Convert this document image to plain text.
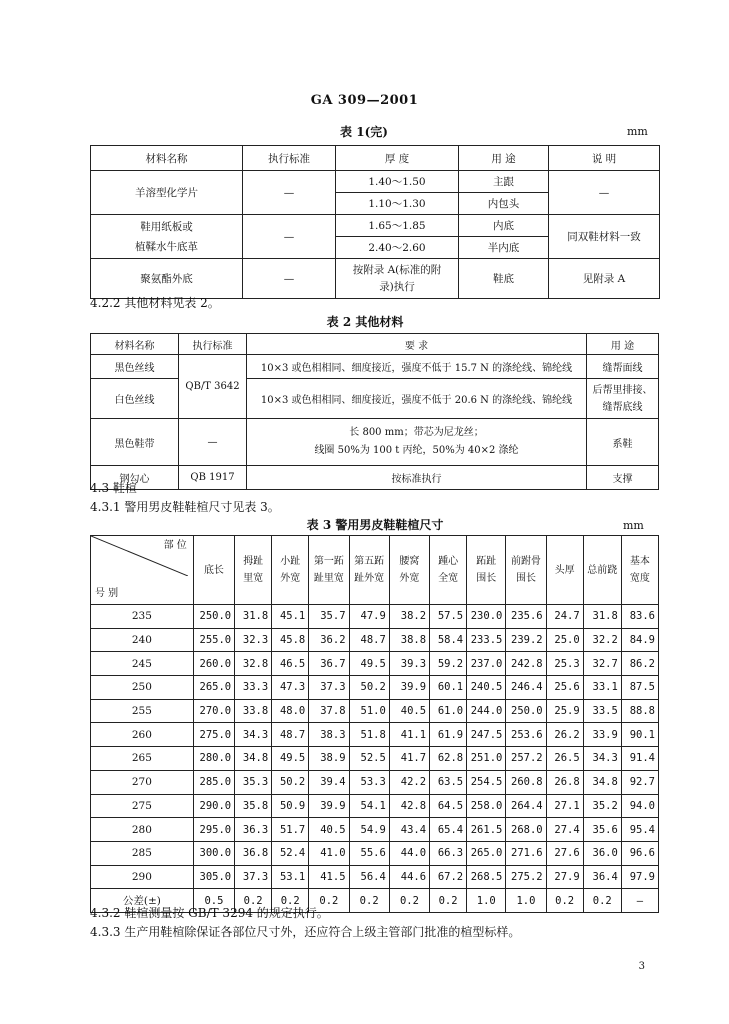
GA 309—2001
表 1(完)	mm
材料名称	执行标准	厚 度	用 途	说 明
羊溶型化学片	—	1.40～1.50	主跟	—
		1.10～1.30	内包头	
鞋用纸板或
植鞣水牛底革	—	1.65～1.85	内底	同双鞋材料一致
		2.40～2.60	半内底	
聚氨酯外底	—	按附录 A(标准的附
录)执行	鞋底	见附录 A
4.2.2 其他材料见表 2。
表 2 其他材料
材料名称	执行标准	要 求	用 途
黑色丝线	QB/T 3642	10×3 或色相相同、细度接近，强度不低于 15.7 N 的涤纶线、锦纶线	缝帮面线
白色丝线		10×3 或色相相同、细度接近，强度不低于 20.6 N 的涤纶线、锦纶线	后帮里排接、
缝帮底线
黑色鞋带	—	长 800 mm；带芯为尼龙丝；
线圈 50%为 100 t 丙纶，50%为 40×2 涤纶	系鞋
钢勾心	QB 1917	按标准执行	支撑
4.3 鞋楦
4.3.1 警用男皮鞋鞋楦尺寸见表 3。
表 3 警用男皮鞋鞋楦尺寸	mm

部 位

号 别	底长	拇趾
里宽	小趾
外宽	第一跖
趾里宽	第五跖
趾外宽	腰窝
外宽	踵心
全宽	跖趾
围长	前跗骨
围长	头厚	总前跷	基本
宽度
235	250.0	31.8	45.1	35.7	47.9	38.2	57.5	230.0	235.6	24.7	31.8	83.6
240	255.0	32.3	45.8	36.2	48.7	38.8	58.4	233.5	239.2	25.0	32.2	84.9
245	260.0	32.8	46.5	36.7	49.5	39.3	59.2	237.0	242.8	25.3	32.7	86.2
250	265.0	33.3	47.3	37.3	50.2	39.9	60.1	240.5	246.4	25.6	33.1	87.5
255	270.0	33.8	48.0	37.8	51.0	40.5	61.0	244.0	250.0	25.9	33.5	88.8
260	275.0	34.3	48.7	38.3	51.8	41.1	61.9	247.5	253.6	26.2	33.9	90.1
265	280.0	34.8	49.5	38.9	52.5	41.7	62.8	251.0	257.2	26.5	34.3	91.4
270	285.0	35.3	50.2	39.4	53.3	42.2	63.5	254.5	260.8	26.8	34.8	92.7
275	290.0	35.8	50.9	39.9	54.1	42.8	64.5	258.0	264.4	27.1	35.2	94.0
280	295.0	36.3	51.7	40.5	54.9	43.4	65.4	261.5	268.0	27.4	35.6	95.4
285	300.0	36.8	52.4	41.0	55.6	44.0	66.3	265.0	271.6	27.6	36.0	96.6
290	305.0	37.3	53.1	41.5	56.4	44.6	67.2	268.5	275.2	27.9	36.4	97.9
公差(±)	0.5	0.2	0.2	0.2	0.2	0.2	0.2	1.0	1.0	0.2	0.2	—
4.3.2 鞋楦测量按 GB/T 3294 的规定执行。
4.3.3 生产用鞋楦除保证各部位尺寸外，还应符合上级主管部门批准的楦型标样。
3
